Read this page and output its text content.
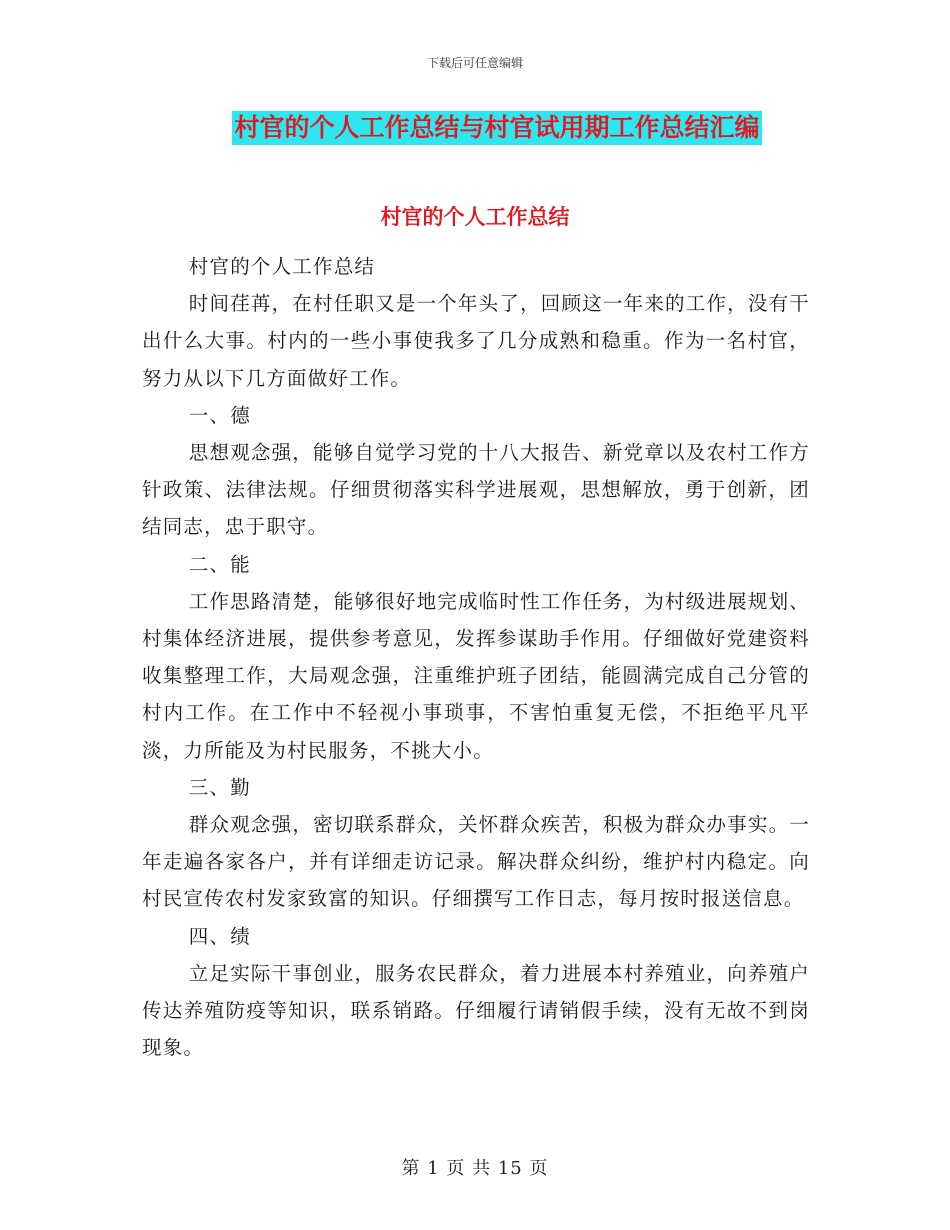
下载后可任意编辑
村官的个人工作总结与村官试用期工作总结汇编
村官的个人工作总结

村官的个人工作总结

时间荏苒，在村任职又是一个年头了，回顾这一年来的工作，没有干出什么大事。村内的一些小事使我多了几分成熟和稳重。作为一名村官，努力从以下几方面做好工作。

一、德

思想观念强，能够自觉学习党的十八大报告、新党章以及农村工作方针政策、法律法规。仔细贯彻落实科学进展观，思想解放，勇于创新，团结同志，忠于职守。

二、能

工作思路清楚，能够很好地完成临时性工作任务，为村级进展规划、村集体经济进展，提供参考意见，发挥参谋助手作用。仔细做好党建资料收集整理工作，大局观念强，注重维护班子团结，能圆满完成自己分管的村内工作。在工作中不轻视小事琐事，不害怕重复无偿，不拒绝平凡平淡，力所能及为村民服务，不挑大小。

三、勤

群众观念强，密切联系群众，关怀群众疾苦，积极为群众办事实。一年走遍各家各户，并有详细走访记录。解决群众纠纷，维护村内稳定。向村民宣传农村发家致富的知识。仔细撰写工作日志，每月按时报送信息。

四、绩

立足实际干事创业，服务农民群众，着力进展本村养殖业，向养殖户传达养殖防疫等知识，联系销路。仔细履行请销假手续，没有无故不到岗现象。

第 1 页 共 15 页
